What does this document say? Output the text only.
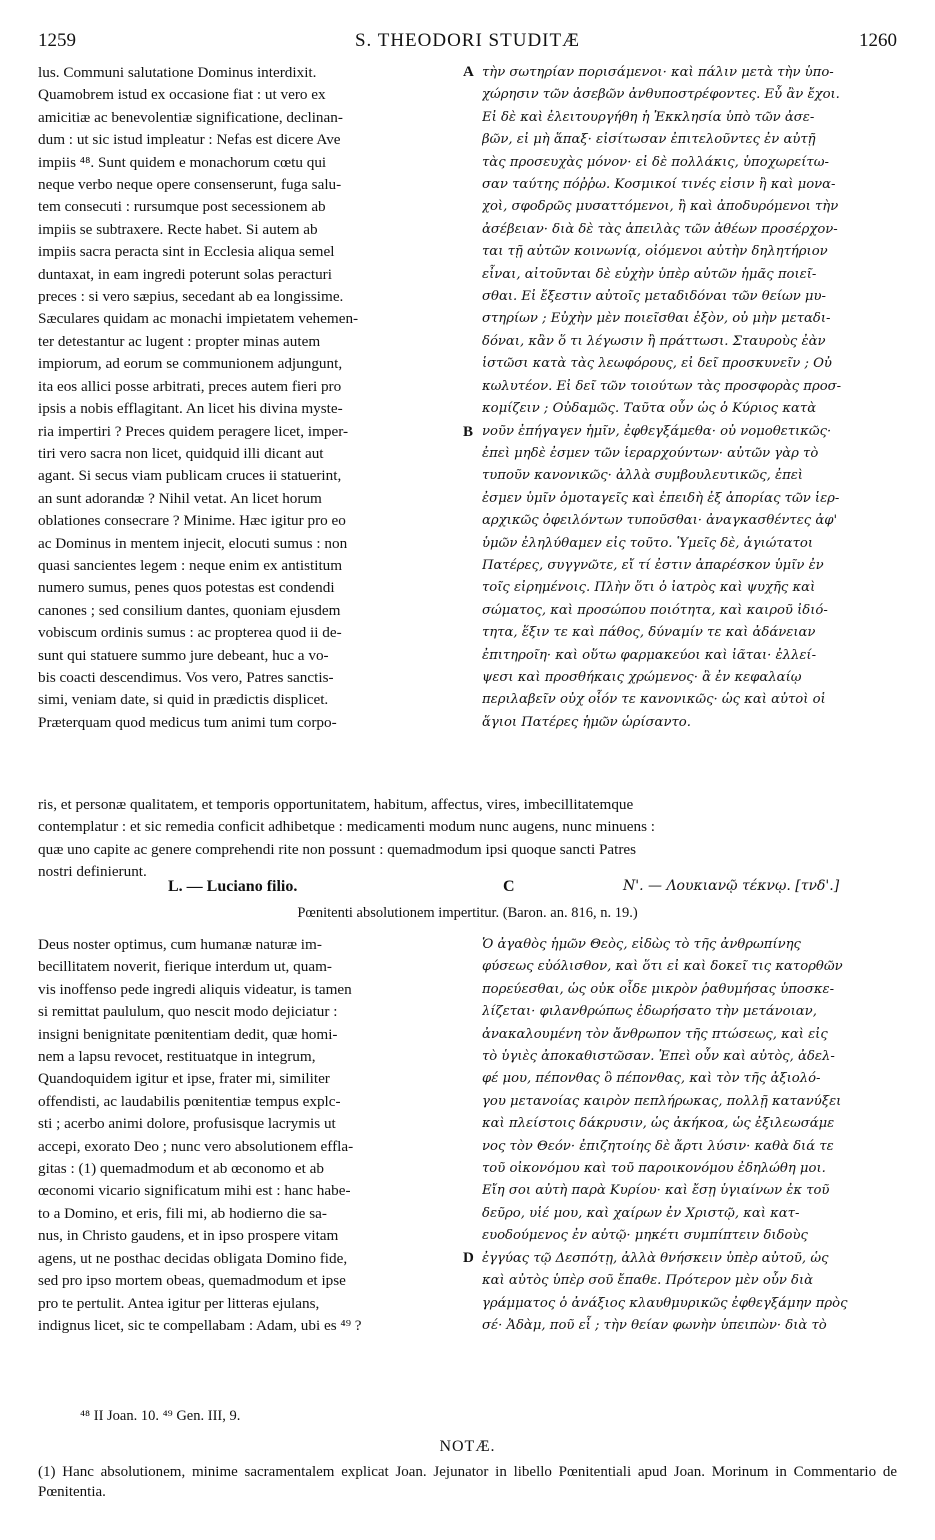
1259	S. THEODORI STUDITÆ	1260
lus. Communi salutatione Dominus interdixit.
Quamobrem istud ex occasione fiat : ut vero ex
amicitiæ ac benevolentiæ significatione, declinan-
dum : ut sic istud impleatur : Nefas est dicere Ave
impiis ⁴⁸. Sunt quidem e monachorum cœtu qui
neque verbo neque opere consenserunt, fuga salu-
tem consecuti : rursumque post secessionem ab
impiis se subtraxere. Recte habet. Si autem ab
impiis sacra peracta sint in Ecclesia aliqua semel
duntaxat, in eam ingredi poterunt solas peracturi
preces : si vero sæpius, secedant ab ea longissime.
Sæculares quidam ac monachi impietatem vehemen-
ter detestantur ac lugent : propter minas autem
impiorum, ad eorum se communionem adjungunt,
ita eos allici posse arbitrati, preces autem fieri pro
ipsis a nobis efflagitant. An licet his divina myste-
ria impertiri ? Preces quidem peragere licet, imper-
tiri vero sacra non licet, quidquid illi dicant aut
agant. Si secus viam publicam cruces ii statuerint,
an sunt adorandæ ? Nihil vetat. An licet horum
oblationes consecrare ? Minime. Hæc igitur pro eo
ac Dominus in mentem injecit, elocuti sumus : non
quasi sancientes legem : neque enim ex antistitum
numero sumus, penes quos potestas est condendi
canones ; sed consilium dantes, quoniam ejusdem
vobiscum ordinis sumus : ac propterea quod ii de-
sunt qui statuere summo jure debeant, huc a vo-
bis coacti descendimus. Vos vero, Patres sanctis-
simi, veniam date, si quid in prædictis displicet.
Præterquam quod medicus tum animi tum corpo-
τὴν σωτηρίαν πορισάμενοι· καὶ πάλιν μετὰ τὴν ὑπο-
χώρησιν τῶν ἀσεβῶν ἀνθυποστρέφοντες. Εὖ ἂν ἔχοι.
Εἰ δὲ καὶ ἐλειτουργήθη ἡ Ἐκκλησία ὑπὸ τῶν ἀσε-
βῶν, εἰ μὴ ἅπαξ· εἰσίτωσαν ἐπιτελοῦντες ἐν αὐτῇ
τὰς προσευχὰς μόνον· εἰ δὲ πολλάκις, ὑποχωρείτω-
σαν ταύτης πόῤῥω. Κοσμικοί τινές εἰσιν ἢ καὶ μονα-
χοὶ, σφοδρῶς μυσαττόμενοι, ἢ καὶ ἀποδυρόμενοι τὴν
ἀσέβειαν· διὰ δὲ τὰς ἀπειλὰς τῶν ἀθέων προσέρχον-
ται τῇ αὐτῶν κοινωνίᾳ, οἰόμενοι αὐτὴν δηλητήριον
εἶναι, αἰτοῦνται δὲ εὐχὴν ὑπὲρ αὐτῶν ἡμᾶς ποιεῖ-
σθαι. Εἰ ἔξεστιν αὐτοῖς μεταδιδόναι τῶν θείων μυ-
στηρίων ; Εὐχὴν μὲν ποιεῖσθαι ἐξὸν, οὐ μὴν μεταδι-
δόναι, κἂν ὅ τι λέγωσιν ἢ πράττωσι. Σταυροὺς ἐὰν
ἱστῶσι κατὰ τὰς λεωφόρους, εἰ δεῖ προσκυνεῖν ; Οὐ
κωλυτέον. Εἰ δεῖ τῶν τοιούτων τὰς προσφορὰς προσ-
κομίζειν ; Οὐδαμῶς. Ταῦτα οὖν ὡς ὁ Κύριος κατὰ
νοῦν ἐπήγαγεν ἡμῖν, ἐφθεγξάμεθα· οὐ νομοθετικῶς·
ἐπεὶ μηδὲ ἐσμεν τῶν ἱεραρχούντων· αὐτῶν γὰρ τὸ
τυποῦν κανονικῶς· ἀλλὰ συμβουλευτικῶς, ἐπεὶ
ἐσμεν ὑμῖν ὁμοταγεῖς καὶ ἐπειδὴ ἐξ ἀπορίας τῶν ἱερ-
αρχικῶς ὀφειλόντων τυποῦσθαι· ἀναγκασθέντες ἀφ'
ὑμῶν ἐληλύθαμεν εἰς τοῦτο. Ὑμεῖς δὲ, ἁγιώτατοι
Πατέρες, συγγνῶτε, εἴ τί ἐστιν ἀπαρέσκον ὑμῖν ἐν
τοῖς εἰρημένοις. Πλὴν ὅτι ὁ ἰατρὸς καὶ ψυχῆς καὶ
σώματος, καὶ προσώπου ποιότητα, καὶ καιροῦ ἰδιό-
τητα, ἕξιν τε καὶ πάθος, δύναμίν τε καὶ ἀδάνειαν
ἐπιτηροῖη· καὶ οὕτω φαρμακεύοι καὶ ἰᾶται· ἐλλεί-
ψεσι καὶ προσθήκαις χρώμενος· ἃ ἐν κεφαλαίῳ
περιλαβεῖν οὐχ οἷόν τε κανονικῶς· ὡς καὶ αὐτοὶ οἱ
ἅγιοι Πατέρες ἡμῶν ὡρίσαντο.
A
B
D
ris, et personæ qualitatem, et temporis opportunitatem, habitum, affectus, vires, imbecillitatemque
contemplatur : et sic remedia conficit adhibetque : medicamenti modum nunc augens, nunc minuens :
quæ uno capite ac genere comprehendi rite non possunt : quemadmodum ipsi quoque sancti Patres
nostri definierunt.
L. — Luciano filio.	C	Ν'. — Λουκιανῷ τέκνῳ. [τνδ'.]
Pœnitenti absolutionem impertitur. (Baron. an. 816, n. 19.)
Deus noster optimus, cum humanæ naturæ im-
becillitatem noverit, fierique interdum ut, quam-
vis inoffenso pede ingredi aliquis videatur, is tamen
si remittat paululum, quo nescit modo dejiciatur :
insigni benignitate pœnitentiam dedit, quæ homi-
nem a lapsu revocet, restituatque in integrum,
Quandoquidem igitur et ipse, frater mi, similiter
offendisti, ac laudabilis pœnitentiæ tempus explc-
sti ; acerbo animi dolore, profusisque lacrymis ut
accepi, exorato Deo ; nunc vero absolutionem effla-
gitas : (1) quemadmodum et ab œconomo et ab
œconomi vicario significatum mihi est : hanc habe-
to a Domino, et eris, fili mi, ab hodierno die sa-
nus, in Christo gaudens, et in ipso prospere vitam
agens, ut ne posthac decidas obligata Domino fide,
sed pro ipso mortem obeas, quemadmodum et ipse
pro te pertulit. Antea igitur per litteras ejulans,
indignus licet, sic te compellabam : Adam, ubi es ⁴⁹ ?
Ὁ ἀγαθὸς ἡμῶν Θεὸς, εἰδὼς τὸ τῆς ἀνθρωπίνης
φύσεως εὐόλισθον, καὶ ὅτι εἰ καὶ δοκεῖ τις κατορθῶν
πορεύεσθαι, ὡς οὐκ οἶδε μικρὸν ῥαθυμήσας ὑποσκε-
λίζεται· φιλανθρώπως ἐδωρήσατο τὴν μετάνοιαν,
ἀνακαλουμένη τὸν ἄνθρωπον τῆς πτώσεως, καὶ εἰς
τὸ ὑγιὲς ἀποκαθιστῶσαν. Ἐπεὶ οὖν καὶ αὐτὸς, ἀδελ-
φέ μου, πέπονθας ὃ πέπονθας, καὶ τὸν τῆς ἀξιολό-
γου μετανοίας καιρὸν πεπλήρωκας, πολλῇ κατανύξει
καὶ πλείστοις δάκρυσιν, ὡς ἀκήκοα, ὡς ἐξιλεωσάμε
νος τὸν Θεόν· ἐπιζητοίης δὲ ἄρτι λύσιν· καθὰ διά τε
τοῦ οἰκονόμου καὶ τοῦ παροικονόμου ἐδηλώθη μοι.
Εἴη σοι αὐτὴ παρὰ Κυρίου· καὶ ἔσῃ ὑγιαίνων ἐκ τοῦ
δεῦρο, υἱέ μου, καὶ χαίρων ἐν Χριστῷ, καὶ κατ-
ευοδούμενος ἐν αὐτῷ· μηκέτι συμπίπτειν διδοὺς
ἐγγύας τῷ Δεσπότῃ, ἀλλὰ θνήσκειν ὑπὲρ αὐτοῦ, ὡς
καὶ αὐτὸς ὑπὲρ σοῦ ἔπαθε. Πρότερον μὲν οὖν διὰ
γράμματος ὁ ἀνάξιος κλαυθμυρικῶς ἐφθεγξάμην πρὸς
σέ· Ἀδὰμ, ποῦ εἶ ; τὴν θείαν φωνὴν ὑπειπὼν· διὰ τὸ
⁴⁸ II Joan. 10. ⁴⁹ Gen. III, 9.
NOTÆ.
(1) Hanc absolutionem, minime sacramentalem explicat Joan. Jejunator in libello Pœnitentiali apud Joan. Morinum in Commentario de Pœnitentia.
